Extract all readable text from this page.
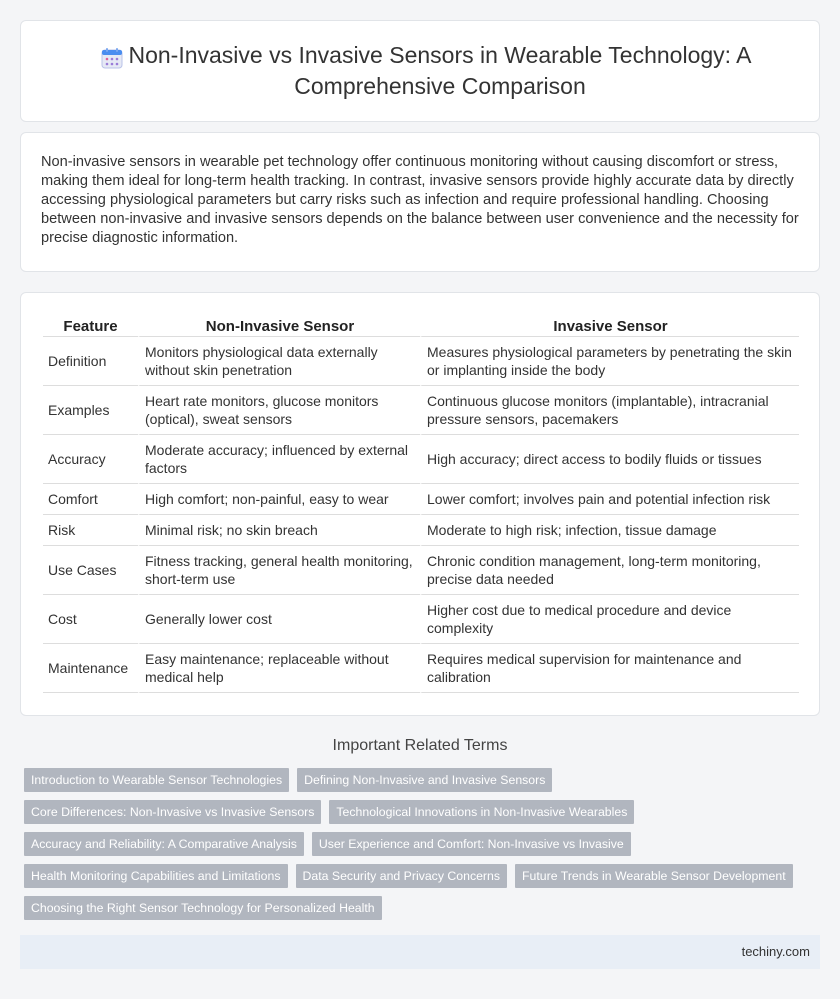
Non-Invasive vs Invasive Sensors in Wearable Technology: A Comprehensive Comparison

Non-invasive sensors in wearable pet technology offer continuous monitoring without causing discomfort or stress, making them ideal for long-term health tracking. In contrast, invasive sensors provide highly accurate data by directly accessing physiological parameters but carry risks such as infection and require professional handling. Choosing between non-invasive and invasive sensors depends on the balance between user convenience and the necessity for precise diagnostic information.

Feature	Non-Invasive Sensor	Invasive Sensor
Definition	Monitors physiological data externally without skin penetration	Measures physiological parameters by penetrating the skin or implanting inside the body
Examples	Heart rate monitors, glucose monitors (optical), sweat sensors	Continuous glucose monitors (implantable), intracranial pressure sensors, pacemakers
Accuracy	Moderate accuracy; influenced by external factors	High accuracy; direct access to bodily fluids or tissues
Comfort	High comfort; non-painful, easy to wear	Lower comfort; involves pain and potential infection risk
Risk	Minimal risk; no skin breach	Moderate to high risk; infection, tissue damage
Use Cases	Fitness tracking, general health monitoring, short-term use	Chronic condition management, long-term monitoring, precise data needed
Cost	Generally lower cost	Higher cost due to medical procedure and device complexity
Maintenance	Easy maintenance; replaceable without medical help	Requires medical supervision for maintenance and calibration
Important Related Terms
Introduction to Wearable Sensor Technologies	Defining Non-Invasive and Invasive Sensors
Core Differences: Non-Invasive vs Invasive Sensors	Technological Innovations in Non-Invasive Wearables
Accuracy and Reliability: A Comparative Analysis	User Experience and Comfort: Non-Invasive vs Invasive
Health Monitoring Capabilities and Limitations	Data Security and Privacy Concerns	Future Trends in Wearable Sensor Development
Choosing the Right Sensor Technology for Personalized Health
techiny.com
